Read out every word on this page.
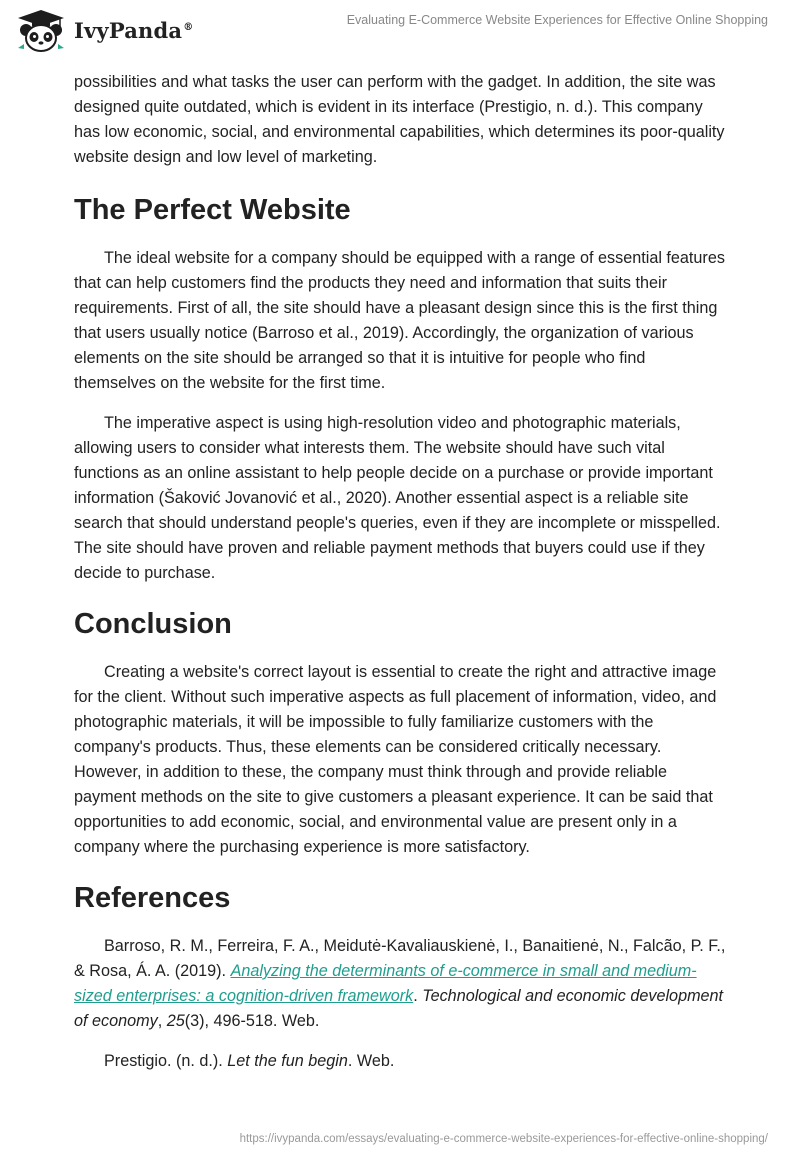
IvyPanda®	Evaluating E-Commerce Website Experiences for Effective Online Shopping

possibilities and what tasks the user can perform with the gadget. In addition, the site was designed quite outdated, which is evident in its interface (Prestigio, n. d.). This company has low economic, social, and environmental capabilities, which determines its poor-quality website design and low level of marketing.

The Perfect Website

The ideal website for a company should be equipped with a range of essential features that can help customers find the products they need and information that suits their requirements. First of all, the site should have a pleasant design since this is the first thing that users usually notice (Barroso et al., 2019). Accordingly, the organization of various elements on the site should be arranged so that it is intuitive for people who find themselves on the website for the first time.

The imperative aspect is using high-resolution video and photographic materials, allowing users to consider what interests them. The website should have such vital functions as an online assistant to help people decide on a purchase or provide important information (Šaković Jovanović et al., 2020). Another essential aspect is a reliable site search that should understand people's queries, even if they are incomplete or misspelled. The site should have proven and reliable payment methods that buyers could use if they decide to purchase.

Conclusion

Creating a website's correct layout is essential to create the right and attractive image for the client. Without such imperative aspects as full placement of information, video, and photographic materials, it will be impossible to fully familiarize customers with the company's products. Thus, these elements can be considered critically necessary. However, in addition to these, the company must think through and provide reliable payment methods on the site to give customers a pleasant experience. It can be said that opportunities to add economic, social, and environmental value are present only in a company where the purchasing experience is more satisfactory.

References

Barroso, R. M., Ferreira, F. A., Meidutė-Kavaliauskienė, I., Banaitienė, N., Falcão, P. F., & Rosa, Á. A. (2019). Analyzing the determinants of e-commerce in small and medium-sized enterprises: a cognition-driven framework. Technological and economic development of economy, 25(3), 496-518. Web.

Prestigio. (n. d.). Let the fun begin. Web.

https://ivypanda.com/essays/evaluating-e-commerce-website-experiences-for-effective-online-shopping/
